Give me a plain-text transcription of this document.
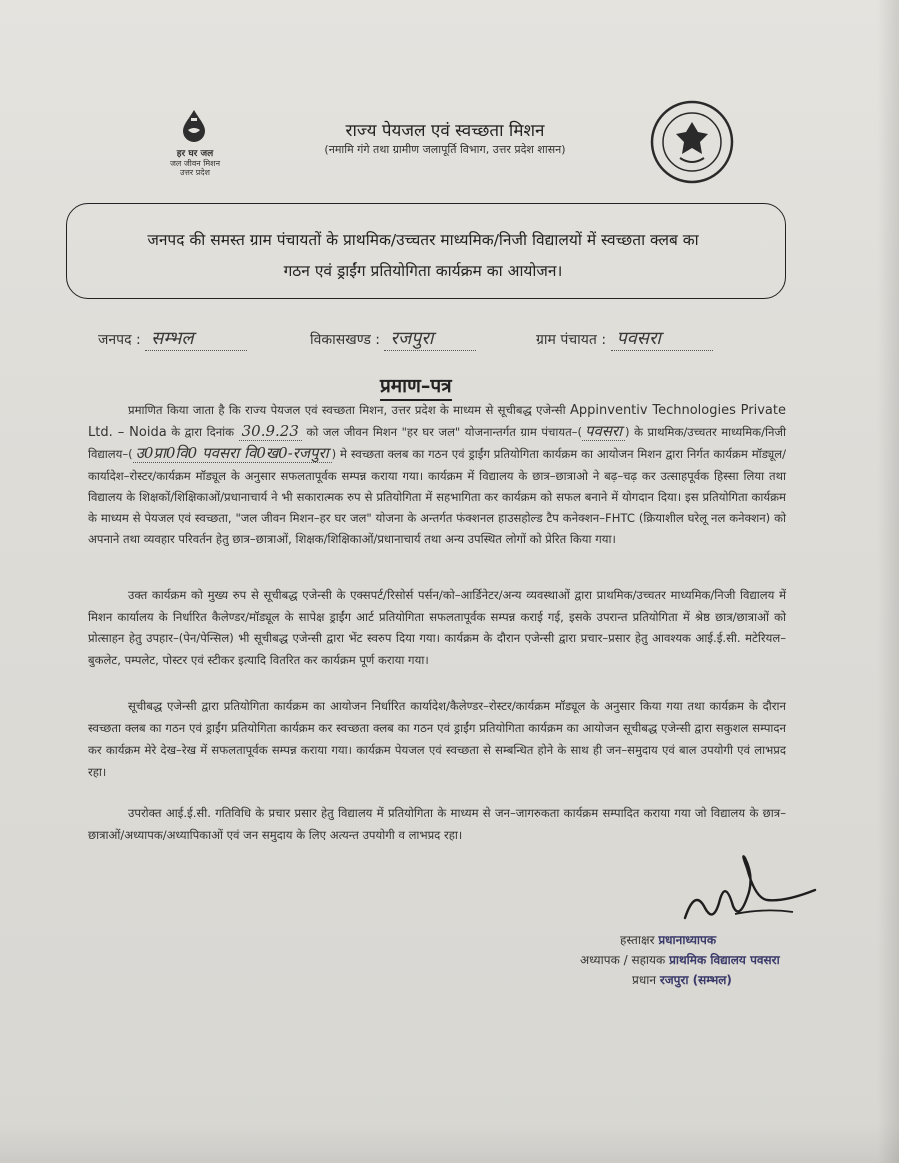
हर घर जल
जल जीवन मिशन
उत्तर प्रदेश
राज्य पेयजल एवं स्वच्छता मिशन
(नमामि गंगे तथा ग्रामीण जलापूर्ति विभाग, उत्तर प्रदेश शासन)
जनपद की समस्त ग्राम पंचायतों के प्राथमिक/उच्चतर माध्यमिक/निजी विद्यालयों में स्वच्छता क्लब का
गठन एवं ड्राईंग प्रतियोगिता कार्यक्रम का आयोजन।
जनपद : सम्भल	विकासखण्ड : रजपुरा	ग्राम पंचायत : पवसरा
प्रमाण–पत्र
प्रमाणित किया जाता है कि राज्य पेयजल एवं स्वच्छता मिशन, उत्तर प्रदेश के माध्यम से सूचीबद्ध एजेन्सी Appinventiv Technologies Private Ltd. – Noida के द्वारा दिनांक 30.9.23 को जल जीवन मिशन "हर घर जल" योजनान्तर्गत ग्राम पंचायत–( पवसरा ) के प्राथमिक/उच्चतर माध्यमिक/निजी विद्यालय–( उ0प्रा0वि0 पवसरा वि0ख0-रजपुरा ) मे स्वच्छता क्लब का गठन एवं ड्राईंग प्रतियोगिता कार्यक्रम का आयोजन मिशन द्वारा निर्गत कार्यक्रम मॉड्यूल/कार्यादेश–रोस्टर/कार्यक्रम मॉड्यूल के अनुसार सफलतापूर्वक सम्पन्न कराया गया। कार्यक्रम में विद्यालय के छात्र–छात्राओ ने बढ़–चढ़ कर उत्साहपूर्वक हिस्सा लिया तथा विद्यालय के शिक्षकों/शिक्षिकाओं/प्रधानाचार्य ने भी सकारात्मक रुप से प्रतियोगिता में सहभागिता कर कार्यक्रम को सफल बनाने में योगदान दिया। इस प्रतियोगिता कार्यक्रम के माध्यम से पेयजल एवं स्वच्छता, "जल जीवन मिशन–हर घर जल" योजना के अन्तर्गत फंक्शनल हाउसहोल्ड टैप कनेक्शन–FHTC (क्रियाशील घरेलू नल कनेक्शन) को अपनाने तथा व्यवहार परिवर्तन हेतु छात्र–छात्राओं, शिक्षक/शिक्षिकाओं/प्रधानाचार्य तथा अन्य उपस्थित लोगों को प्रेरित किया गया।
उक्त कार्यक्रम को मुख्य रुप से सूचीबद्ध एजेन्सी के एक्सपर्ट/रिसोर्स पर्सन/को–आर्डिनेटर/अन्य व्यवस्थाओं द्वारा प्राथमिक/उच्चतर माध्यमिक/निजी विद्यालय में मिशन कार्यालय के निर्धारित कैलेण्डर/मॉड्यूल के सापेक्ष ड्राईंग आर्ट प्रतियोगिता सफलतापूर्वक सम्पन्न कराई गई, इसके उपरान्त प्रतियोगिता में श्रेष्ठ छात्र/छात्राओं को प्रोत्साहन हेतु उपहार–(पेन/पेन्सिल) भी सूचीबद्ध एजेन्सी द्वारा भेंट स्वरुप दिया गया। कार्यक्रम के दौरान एजेन्सी द्वारा प्रचार–प्रसार हेतु आवश्यक आई.ई.सी. मटेरियल–बुकलेट, पम्पलेट, पोस्टर एवं स्टीकर इत्यादि वितरित कर कार्यक्रम पूर्ण कराया गया।
सूचीबद्ध एजेन्सी द्वारा प्रतियोगिता कार्यक्रम का आयोजन निर्धारित कार्यादेश/कैलेण्डर–रोस्टर/कार्यक्रम मॉड्यूल के अनुसार किया गया तथा कार्यक्रम के दौरान स्वच्छता क्लब का गठन एवं ड्राईंग प्रतियोगिता कार्यक्रम कर स्वच्छता क्लब का गठन एवं ड्राईंग प्रतियोगिता कार्यक्रम का आयोजन सूचीबद्ध एजेन्सी द्वारा सकुशल सम्पादन कर कार्यक्रम मेरे देख–रेख में सफलतापूर्वक सम्पन्न कराया गया। कार्यक्रम पेयजल एवं स्वच्छता से सम्बन्धित होने के साथ ही जन–समुदाय एवं बाल उपयोगी एवं लाभप्रद रहा।
उपरोक्त आई.ई.सी. गतिविधि के प्रचार प्रसार हेतु विद्यालय में प्रतियोगिता के माध्यम से जन–जागरुकता कार्यक्रम सम्पादित कराया गया जो विद्यालय के छात्र–छात्राओं/अध्यापक/अध्यापिकाओं एवं जन समुदाय के लिए अत्यन्त उपयोगी व लाभप्रद रहा।
हस्ताक्षर प्रधानाध्यापक
अध्यापक / सहायक प्राथमिक विद्यालय पवसरा
प्रधान रजपुरा (सम्भल)
